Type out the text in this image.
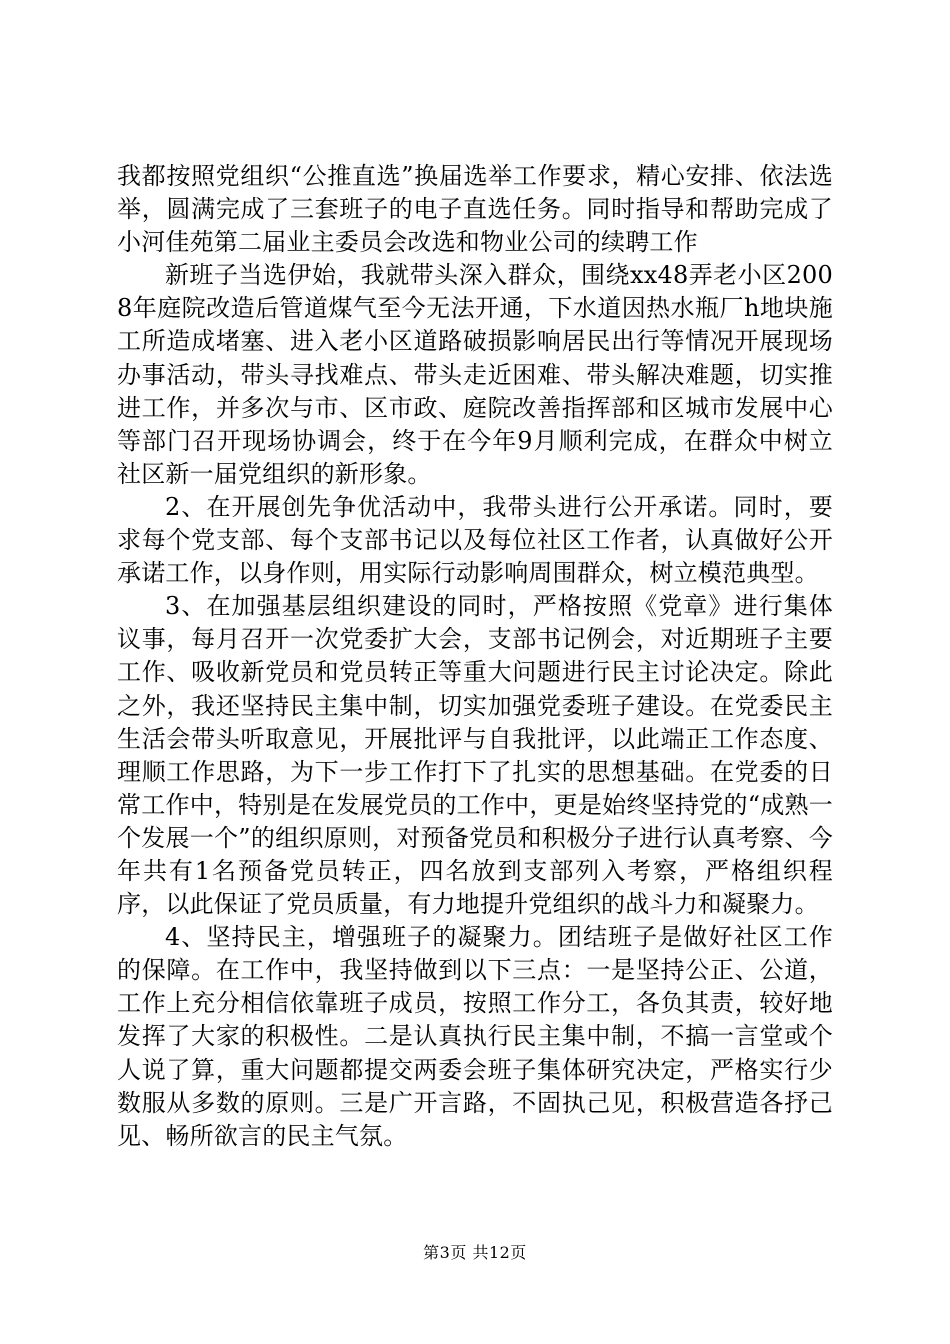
我都按照党组织“公推直选”换届选举工作要求，精心安排、依法选举，圆满完成了三套班子的电子直选任务。同时指导和帮助完成了小河佳苑第二届业主委员会改选和物业公司的续聘工作

新班子当选伊始，我就带头深入群众，围绕xx48弄老小区2008年庭院改造后管道煤气至今无法开通，下水道因热水瓶厂h地块施工所造成堵塞、进入老小区道路破损影响居民出行等情况开展现场办事活动，带头寻找难点、带头走近困难、带头解决难题，切实推进工作，并多次与市、区市政、庭院改善指挥部和区城市发展中心等部门召开现场协调会，终于在今年9月顺利完成，在群众中树立社区新一届党组织的新形象。

2、在开展创先争优活动中，我带头进行公开承诺。同时，要求每个党支部、每个支部书记以及每位社区工作者，认真做好公开承诺工作，以身作则，用实际行动影响周围群众，树立模范典型。

3、在加强基层组织建设的同时，严格按照《党章》进行集体议事，每月召开一次党委扩大会，支部书记例会，对近期班子主要工作、吸收新党员和党员转正等重大问题进行民主讨论决定。除此之外，我还坚持民主集中制，切实加强党委班子建设。在党委民主生活会带头听取意见，开展批评与自我批评，以此端正工作态度、理顺工作思路，为下一步工作打下了扎实的思想基础。在党委的日常工作中，特别是在发展党员的工作中，更是始终坚持党的“成熟一个发展一个”的组织原则，对预备党员和积极分子进行认真考察、今年共有1名预备党员转正，四名放到支部列入考察，严格组织程序，以此保证了党员质量，有力地提升党组织的战斗力和凝聚力。

4、坚持民主，增强班子的凝聚力。团结班子是做好社区工作的保障。在工作中，我坚持做到以下三点：一是坚持公正、公道，工作上充分相信依靠班子成员，按照工作分工，各负其责，较好地发挥了大家的积极性。二是认真执行民主集中制，不搞一言堂或个人说了算，重大问题都提交两委会班子集体研究决定，严格实行少数服从多数的原则。三是广开言路，不固执己见，积极营造各抒己见、畅所欲言的民主气氛。

第3页 共12页
